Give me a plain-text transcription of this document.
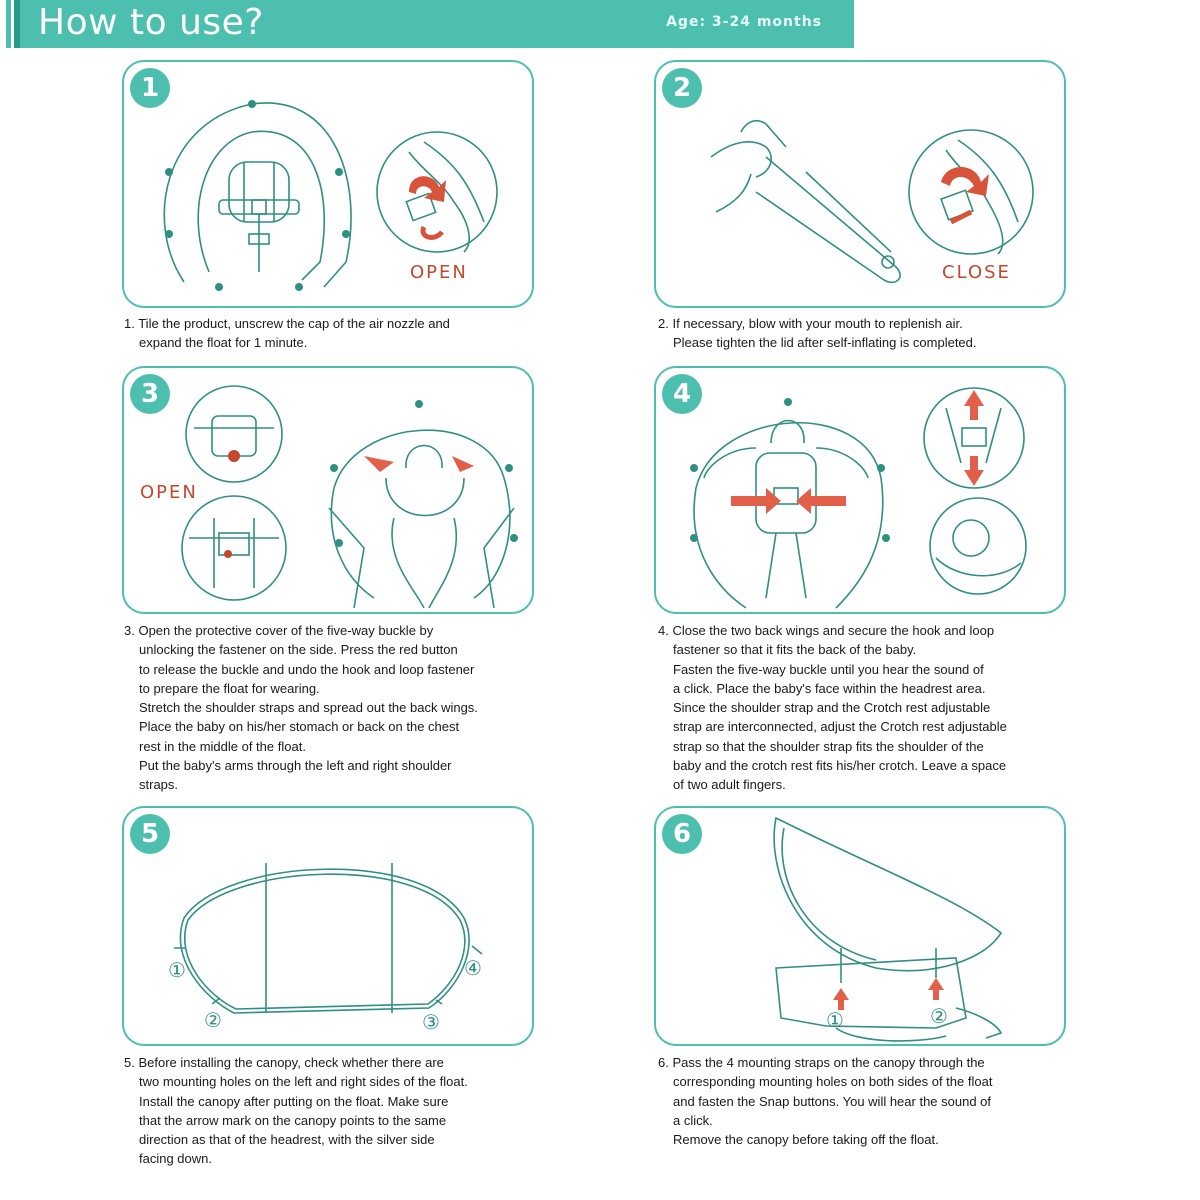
How to use?	Age: 3-24 months
1
OPEN
1. Tile the product, unscrew the cap of the air nozzle and
expand the float for 1 minute.
2
CLOSE
2. If necessary, blow with your mouth to replenish air.
Please tighten the lid after self-inflating is completed.
3
OPEN
3. Open the protective cover of the five-way buckle by
unlocking the fastener on the side. Press the red button
to release the buckle and undo the hook and loop fastener
to prepare the float for wearing.
Stretch the shoulder straps and spread out the back wings.
Place the baby on his/her stomach or back on the chest
rest in the middle of the float.
Put the baby's arms through the left and right shoulder
straps.
4
4. Close the two back wings and secure the hook and loop
fastener so that it fits the back of the baby.
Fasten the five-way buckle until you hear the sound of
a click. Place the baby's face within the headrest area.
Since the shoulder strap and the Crotch rest adjustable
strap are interconnected, adjust the Crotch rest adjustable
strap so that the shoulder strap fits the shoulder of the
baby and the crotch rest fits his/her crotch. Leave a space
of two adult fingers.
5
①
②	③
④
5. Before installing the canopy, check whether there are
two mounting holes on the left and right sides of the float.
Install the canopy after putting on the float. Make sure
that the arrow mark on the canopy points to the same
direction as that of the headrest, with the silver side
facing down.
6
①	②
6. Pass the 4 mounting straps on the canopy through the
corresponding mounting holes on both sides of the float
and fasten the Snap buttons. You will hear the sound of
a click.
Remove the canopy before taking off the float.
